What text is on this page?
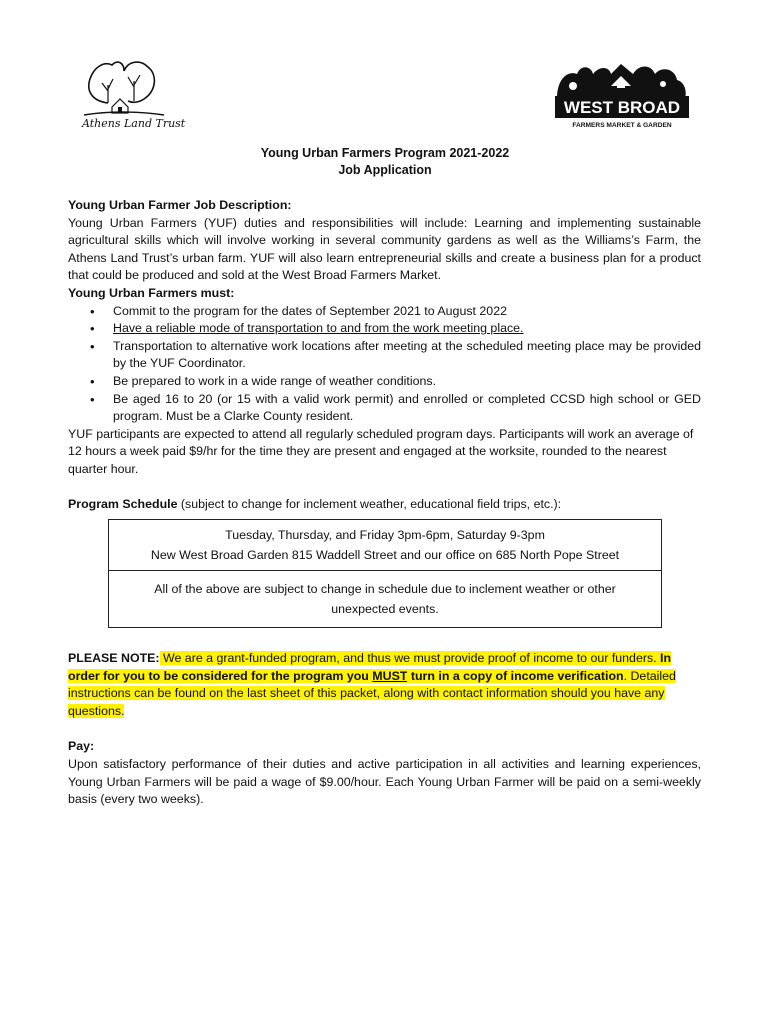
Athens Land Trust
WEST BROAD
FARMERS MARKET & GARDEN
Young Urban Farmers Program 2021-2022
Job Application

Young Urban Farmer Job Description:

Young Urban Farmers (YUF) duties and responsibilities will include: Learning and implementing sustainable agricultural skills which will involve working in several community gardens as well as the Williams’s Farm, the Athens Land Trust’s urban farm. YUF will also learn entrepreneurial skills and create a business plan for a product that could be produced and sold at the West Broad Farmers Market.

Young Urban Farmers must:

• Commit to the program for the dates of September 2021 to August 2022
• Have a reliable mode of transportation to and from the work meeting place.
• Transportation to alternative work locations after meeting at the scheduled meeting place may be provided by the YUF Coordinator.
• Be prepared to work in a wide range of weather conditions.
• Be aged 16 to 20 (or 15 with a valid work permit) and enrolled or completed CCSD high school or GED program. Must be a Clarke County resident.

YUF participants are expected to attend all regularly scheduled program days. Participants will work an average of 12 hours a week paid $9/hr for the time they are present and engaged at the worksite, rounded to the nearest quarter hour.

Program Schedule (subject to change for inclement weather, educational field trips, etc.):

Tuesday, Thursday, and Friday 3pm-6pm, Saturday 9-3pm
New West Broad Garden 815 Waddell Street and our office on 685 North Pope Street
All of the above are subject to change in schedule due to inclement weather or other unexpected events.

PLEASE NOTE: We are a grant-funded program, and thus we must provide proof of income to our funders. In order for you to be considered for the program you MUST turn in a copy of income verification. Detailed instructions can be found on the last sheet of this packet, along with contact information should you have any questions.

Pay:

Upon satisfactory performance of their duties and active participation in all activities and learning experiences, Young Urban Farmers will be paid a wage of $9.00/hour. Each Young Urban Farmer will be paid on a semi-weekly basis (every two weeks).
